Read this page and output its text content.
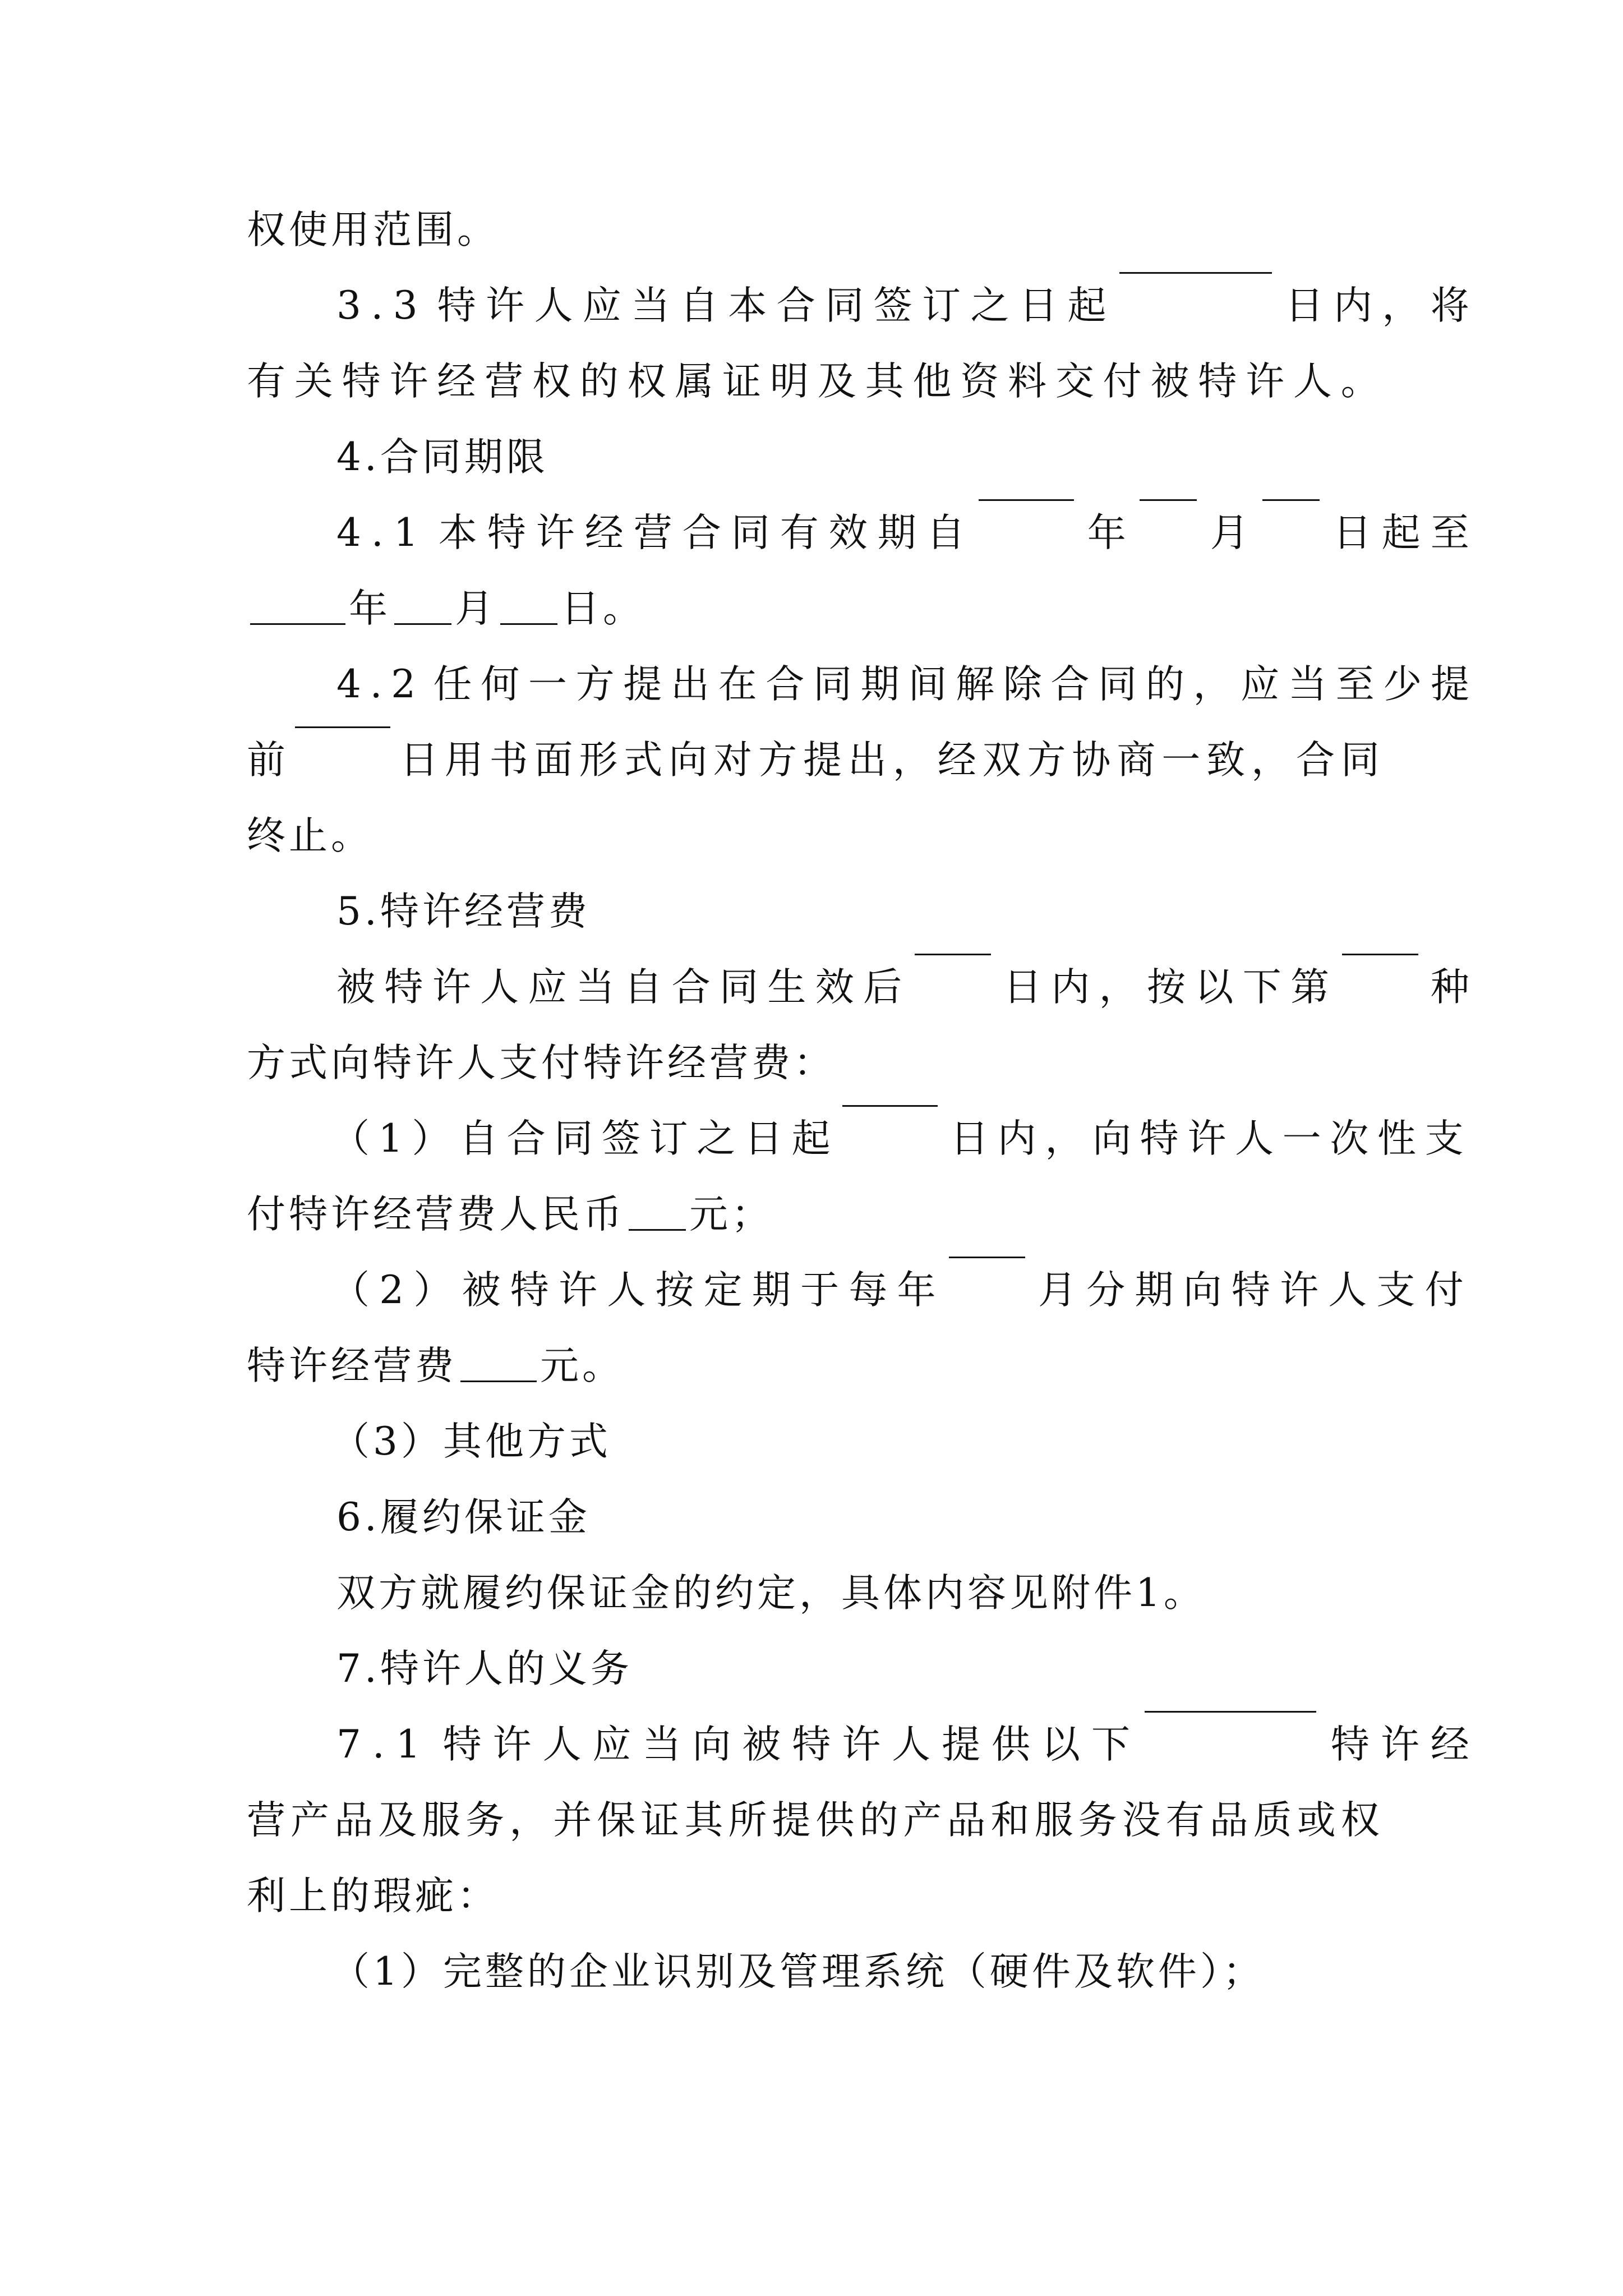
权使用范围。
3 . 3 特 许 人 应 当 自 本 合 同 签 订 之 日 起	日 内 ， 将
有 关 特 许 经 营 权 的 权 属 证 明 及 其 他 资 料 交 付 被 特 许 人 。
4.合同期限
4 . 1 本 特 许 经 营 合 同 有 效 期 自	年 月 日 起 至
年 月 日。
4 . 2 任 何 一 方 提 出 在 合 同 期 间 解 除 合 同 的 ， 应 当 至 少 提
前	日 用 书 面 形 式 向 对 方 提 出 ， 经 双 方 协 商 一 致 ， 合 同
终止。
5.特许经营费
被 特 许 人 应 当 自 合 同 生 效 后	日 内 ， 按 以 下 第	种
方式向特许人支付特许经营费：
（ 1 ） 自 合 同 签 订 之 日 起	日 内 ， 向 特 许 人 一 次 性 支
付特许经营费人民币 元；
（ 2 ） 被 特 许 人 按 定 期 于 每 年	月 分 期 向 特 许 人 支 付
特许经营费 元。
（3）其他方式
6.履约保证金
双方就履约保证金的约定，具体内容见附件1。
7.特许人的义务
7 . 1 特 许 人 应 当 向 被 特 许 人 提 供 以 下	特 许 经
营 产 品 及 服 务 ， 并 保 证 其 所 提 供 的 产 品 和 服 务 没 有 品 质 或 权
利上的瑕疵：
（1）完整的企业识别及管理系统（硬件及软件）；
